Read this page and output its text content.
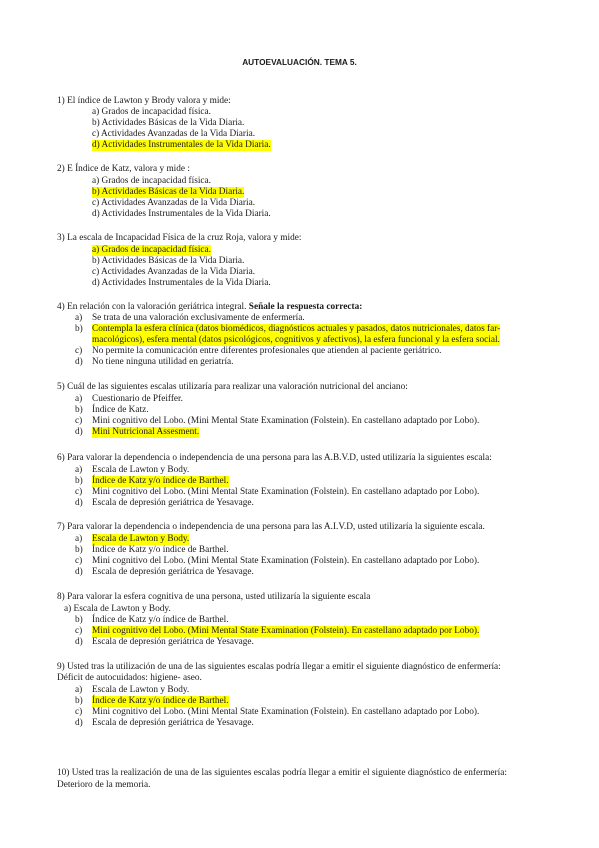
AUTOEVALUACIÓN. TEMA 5.
1) El índice de Lawton y Brody valora y mide:
a) Grados de incapacidad física.
b) Actividades Básicas de la Vida Diaria.
c) Actividades Avanzadas de la Vida Diaria.
d) Actividades Instrumentales de la Vida Diaria.
2) E Índice de Katz, valora y mide :
a) Grados de incapacidad física.
b) Actividades Básicas de la Vida Diaria.
c) Actividades Avanzadas de la Vida Diaria.
d) Actividades Instrumentales de la Vida Diaria.
3) La escala de Incapacidad Física de la cruz Roja, valora y mide:
a) Grados de incapacidad física.
b) Actividades Básicas de la Vida Diaria.
c) Actividades Avanzadas de la Vida Diaria.
d) Actividades Instrumentales de la Vida Diaria.
4) En relación con la valoración geriátrica integral. Señale la respuesta correcta:
a) Se trata de una valoración exclusivamente de enfermería.
b) Contempla la esfera clínica (datos biomédicos, diagnósticos actuales y pasados, datos nutricionales, datos far-
macológicos), esfera mental (datos psicológicos, cognitivos y afectivos), la esfera funcional y la esfera social.
c) No permite la comunicación entre diferentes profesionales que atienden al paciente geriátrico.
d) No tiene ninguna utilidad en geriatría.
5) Cuál de las siguientes escalas utilizaría para realizar una valoración nutricional del anciano:
a) Cuestionario de Pfeiffer.
b) Índice de Katz.
c) Mini cognitivo del Lobo. (Mini Mental State Examination (Folstein). En castellano adaptado por Lobo).
d) Mini Nutricional Assesment.
6) Para valorar la dependencia o independencia de una persona para las A.B.V.D, usted utilizaría la siguientes escala:
a) Escala de Lawton y Body.
b) Índice de Katz y/o índice de Barthel.
c) Mini cognitivo del Lobo. (Mini Mental State Examination (Folstein). En castellano adaptado por Lobo).
d) Escala de depresión geriátrica de Yesavage.
7) Para valorar la dependencia o independencia de una persona para las A.I.V.D, usted utilizaría la siguiente escala.
a) Escala de Lawton y Body.
b) Índice de Katz y/o índice de Barthel.
c) Mini cognitivo del Lobo. (Mini Mental State Examination (Folstein). En castellano adaptado por Lobo).
d) Escala de depresión geriátrica de Yesavage.
8) Para valorar la esfera cognitiva de una persona, usted utilizaría la siguiente escala
a) Escala de Lawton y Body.
b) Índice de Katz y/o índice de Barthel.
c) Mini cognitivo del Lobo. (Mini Mental State Examination (Folstein). En castellano adaptado por Lobo).
d) Escala de depresión geriátrica de Yesavage.
9) Usted tras la utilización de una de las siguientes escalas podría llegar a emitir el siguiente diagnóstico de enfermería:
Déficit de autocuidados: higiene- aseo.
a) Escala de Lawton y Body.
b) Índice de Katz y/o índice de Barthel.
c) Mini cognitivo del Lobo. (Mini Mental State Examination (Folstein). En castellano adaptado por Lobo).
d) Escala de depresión geriátrica de Yesavage.
10) Usted tras la realización de una de las siguientes escalas podría llegar a emitir el siguiente diagnóstico de enfermería:
Deterioro de la memoria.
